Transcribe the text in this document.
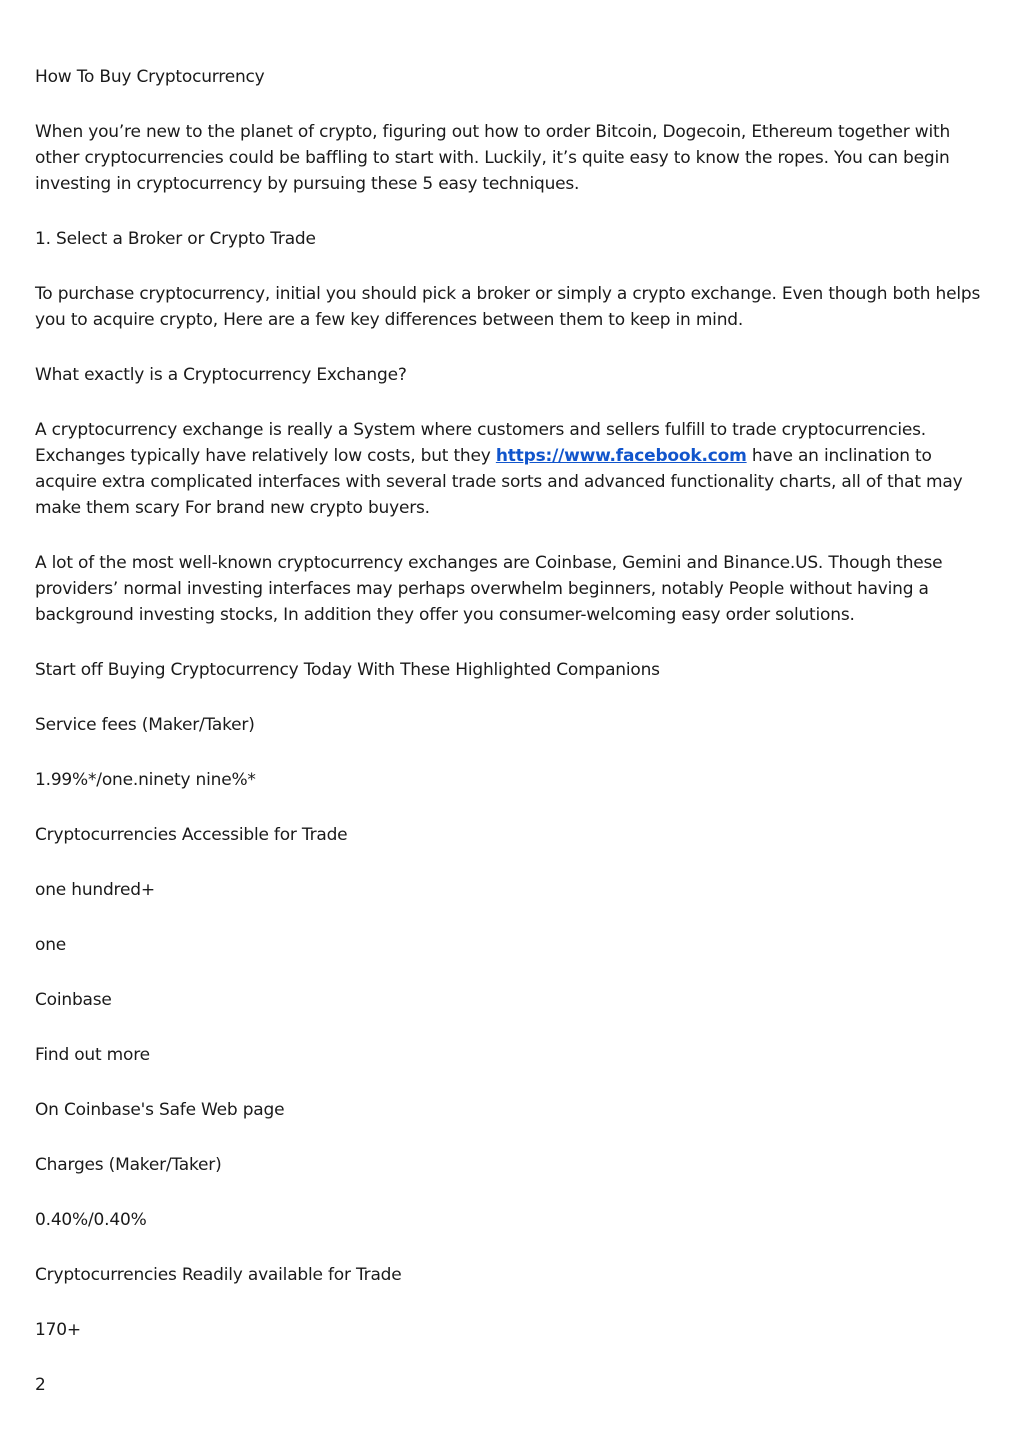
How To Buy Cryptocurrency

When you’re new to the planet of crypto, figuring out how to order Bitcoin, Dogecoin, Ethereum together with other cryptocurrencies could be baffling to start with. Luckily, it’s quite easy to know the ropes. You can begin investing in cryptocurrency by pursuing these 5 easy techniques.

1. Select a Broker or Crypto Trade

To purchase cryptocurrency, initial you should pick a broker or simply a crypto exchange. Even though both helps you to acquire crypto, Here are a few key differences between them to keep in mind.

What exactly is a Cryptocurrency Exchange?

A cryptocurrency exchange is really a System where customers and sellers fulfill to trade cryptocurrencies. Exchanges typically have relatively low costs, but they https://www.facebook.com have an inclination to acquire extra complicated interfaces with several trade sorts and advanced functionality charts, all of that may make them scary For brand new crypto buyers.

A lot of the most well-known cryptocurrency exchanges are Coinbase, Gemini and Binance.US. Though these providers’ normal investing interfaces may perhaps overwhelm beginners, notably People without having a background investing stocks, In addition they offer you consumer-welcoming easy order solutions.

Start off Buying Cryptocurrency Today With These Highlighted Companions

Service fees (Maker/Taker)

1.99%*/one.ninety nine%*

Cryptocurrencies Accessible for Trade

one hundred+

one

Coinbase

Find out more

On Coinbase's Safe Web page

Charges (Maker/Taker)

0.40%/0.40%

Cryptocurrencies Readily available for Trade

170+

2
